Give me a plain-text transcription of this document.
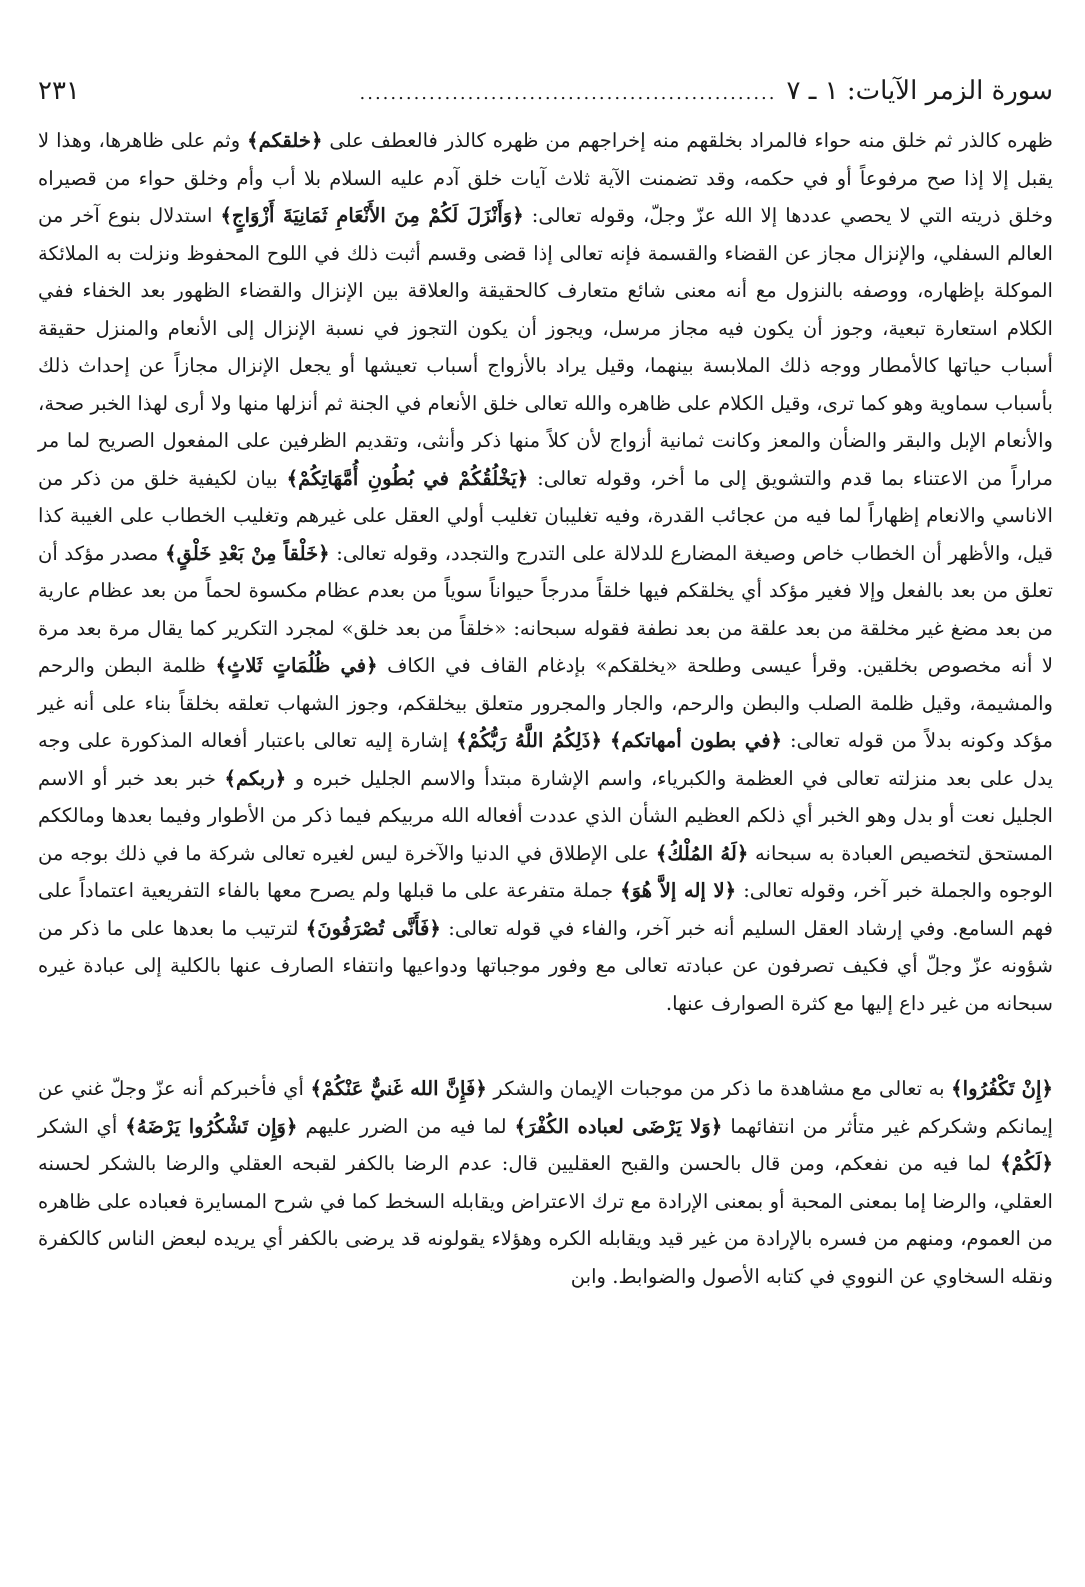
سورة الزمر الآيات: ١ ـ ٧
......................................................
٢٣١

ظهره كالذر ثم خلق منه حواء فالمراد بخلقهم منه إخراجهم من ظهره كالذر فالعطف على ﴿خلقكم﴾ وثم على ظاهرها، وهذا لا يقبل إلا إذا صح مرفوعاً أو في حكمه، وقد تضمنت الآية ثلاث آيات خلق آدم عليه السلام بلا أب وأم وخلق حواء من قصيراه وخلق ذريته التي لا يحصي عددها إلا الله عزّ وجلّ، وقوله تعالى: ﴿وَأَنْزَلَ لَكُمْ مِنَ الأَنْعَامِ ثَمَانِيَةَ أَزْوَاجٍ﴾ استدلال بنوع آخر من العالم السفلي، والإنزال مجاز عن القضاء والقسمة فإنه تعالى إذا قضى وقسم أثبت ذلك في اللوح المحفوظ ونزلت به الملائكة الموكلة بإظهاره، ووصفه بالنزول مع أنه معنى شائع متعارف كالحقيقة والعلاقة بين الإنزال والقضاء الظهور بعد الخفاء ففي الكلام استعارة تبعية، وجوز أن يكون فيه مجاز مرسل، ويجوز أن يكون التجوز في نسبة الإنزال إلى الأنعام والمنزل حقيقة أسباب حياتها كالأمطار ووجه ذلك الملابسة بينهما، وقيل يراد بالأزواج أسباب تعيشها أو يجعل الإنزال مجازاً عن إحداث ذلك بأسباب سماوية وهو كما ترى، وقيل الكلام على ظاهره والله تعالى خلق الأنعام في الجنة ثم أنزلها منها ولا أرى لهذا الخبر صحة، والأنعام الإبل والبقر والضأن والمعز وكانت ثمانية أزواج لأن كلاً منها ذكر وأنثى، وتقديم الظرفين على المفعول الصريح لما مر مراراً من الاعتناء بما قدم والتشويق إلى ما أخر، وقوله تعالى: ﴿يَخْلُقُكُمْ في بُطُونِ أُمَّهَاتِكُمْ﴾ بيان لكيفية خلق من ذكر من الاناسي والانعام إظهاراً لما فيه من عجائب القدرة، وفيه تغليبان تغليب أولي العقل على غيرهم وتغليب الخطاب على الغيبة كذا قيل، والأظهر أن الخطاب خاص وصيغة المضارع للدلالة على التدرج والتجدد، وقوله تعالى: ﴿خَلْقاً مِنْ بَعْدِ خَلْقٍ﴾ مصدر مؤكد أن تعلق من بعد بالفعل وإلا فغير مؤكد أي يخلقكم فيها خلقاً مدرجاً حيواناً سوياً من بعدم عظام مكسوة لحماً من بعد عظام عارية من بعد مضغ غير مخلقة من بعد علقة من بعد نطفة فقوله سبحانه: «خلقاً من بعد خلق» لمجرد التكرير كما يقال مرة بعد مرة لا أنه مخصوص بخلقين. وقرأ عيسى وطلحة «يخلقكم» بإدغام القاف في الكاف ﴿في ظُلُمَاتٍ ثَلاثٍ﴾ ظلمة البطن والرحم والمشيمة، وقيل ظلمة الصلب والبطن والرحم، والجار والمجرور متعلق بيخلقكم، وجوز الشهاب تعلقه بخلقاً بناء على أنه غير مؤكد وكونه بدلاً من قوله تعالى: ﴿في بطون أمهاتكم﴾ ﴿ذَلِكُمُ اللَّهُ رَبُّكُمْ﴾ إشارة إليه تعالى باعتبار أفعاله المذكورة على وجه يدل على بعد منزلته تعالى في العظمة والكبرياء، واسم الإشارة مبتدأ والاسم الجليل خبره و ﴿ربكم﴾ خبر بعد خبر أو الاسم الجليل نعت أو بدل وهو الخبر أي ذلكم العظيم الشأن الذي عددت أفعاله الله مربيكم فيما ذكر من الأطوار وفيما بعدها ومالككم المستحق لتخصيص العبادة به سبحانه ﴿لَهُ المُلْكُ﴾ على الإطلاق في الدنيا والآخرة ليس لغيره تعالى شركة ما في ذلك بوجه من الوجوه والجملة خبر آخر، وقوله تعالى: ﴿لا إله إلاَّ هُوَ﴾ جملة متفرعة على ما قبلها ولم يصرح معها بالفاء التفريعية اعتماداً على فهم السامع. وفي إرشاد العقل السليم أنه خبر آخر، والفاء في قوله تعالى: ﴿فَأَنَّى تُصْرَفُونَ﴾ لترتيب ما بعدها على ما ذكر من شؤونه عزّ وجلّ أي فكيف تصرفون عن عبادته تعالى مع وفور موجباتها ودواعيها وانتفاء الصارف عنها بالكلية إلى عبادة غيره سبحانه من غير داع إليها مع كثرة الصوارف عنها.

﴿إِنْ تَكْفُرُوا﴾ به تعالى مع مشاهدة ما ذكر من موجبات الإيمان والشكر ﴿فَإِنَّ الله غَنيٌّ عَنْكُمْ﴾ أي فأخبركم أنه عزّ وجلّ غني عن إيمانكم وشكركم غير متأثر من انتفائهما ﴿وَلا يَرْضَى لعباده الكُفْرَ﴾ لما فيه من الضرر عليهم ﴿وَإِن تَشْكُرُوا يَرْضَهُ﴾ أي الشكر ﴿لَكُمْ﴾ لما فيه من نفعكم، ومن قال بالحسن والقبح العقليين قال: عدم الرضا بالكفر لقبحه العقلي والرضا بالشكر لحسنه العقلي، والرضا إما بمعنى المحبة أو بمعنى الإرادة مع ترك الاعتراض ويقابله السخط كما في شرح المسايرة فعباده على ظاهره من العموم، ومنهم من فسره بالإرادة من غير قيد ويقابله الكره وهؤلاء يقولونه قد يرضى بالكفر أي يريده لبعض الناس كالكفرة ونقله السخاوي عن النووي في كتابه الأصول والضوابط. وابن
